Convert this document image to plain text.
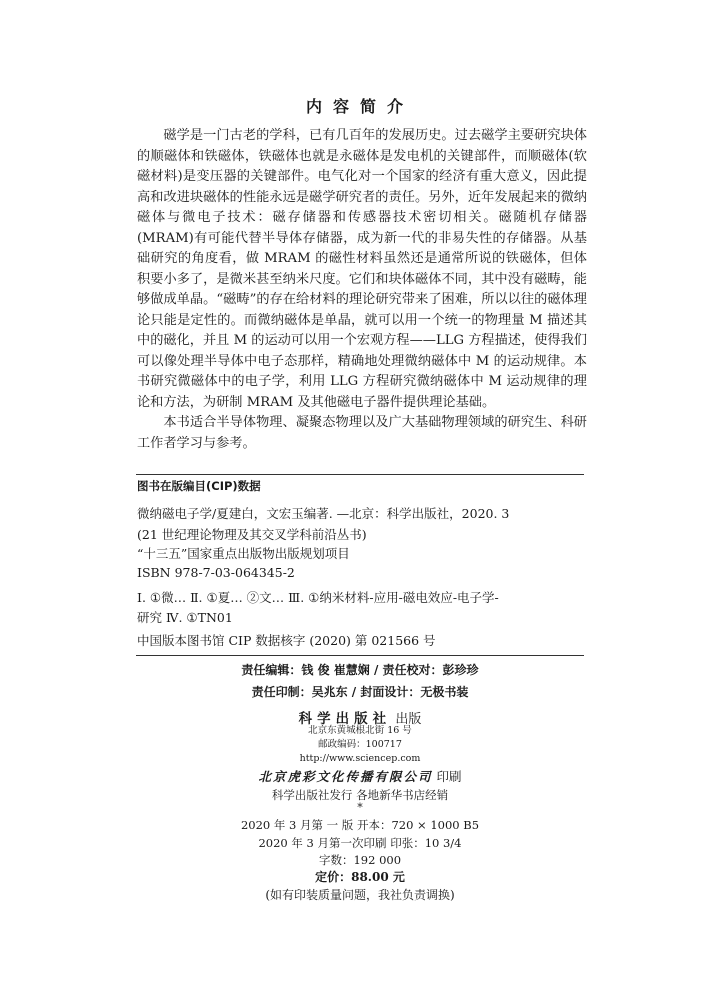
内容简介

磁学是一门古老的学科，已有几百年的发展历史。过去磁学主要研究块体的顺磁体和铁磁体，铁磁体也就是永磁体是发电机的关键部件，而顺磁体(软磁材料)是变压器的关键部件。电气化对一个国家的经济有重大意义，因此提高和改进块磁体的性能永远是磁学研究者的责任。另外，近年发展起来的微纳磁体与微电子技术：磁存储器和传感器技术密切相关。磁随机存储器(MRAM)有可能代替半导体存储器，成为新一代的非易失性的存储器。从基础研究的角度看，做 MRAM 的磁性材料虽然还是通常所说的铁磁体，但体积要小多了，是微米甚至纳米尺度。它们和块体磁体不同，其中没有磁畴，能够做成单晶。“磁畴”的存在给材料的理论研究带来了困难，所以以往的磁体理论只能是定性的。而微纳磁体是单晶，就可以用一个统一的物理量 M 描述其中的磁化，并且 M 的运动可以用一个宏观方程——LLG 方程描述，使得我们可以像处理半导体中电子态那样，精确地处理微纳磁体中 M 的运动规律。本书研究微磁体中的电子学，利用 LLG 方程研究微纳磁体中 M 运动规律的理论和方法，为研制 MRAM 及其他磁电子器件提供理论基础。

本书适合半导体物理、凝聚态物理以及广大基础物理领域的研究生、科研工作者学习与参考。

图书在版编目(CIP)数据
微纳磁电子学/夏建白，文宏玉编著. —北京：科学出版社，2020. 3
(21 世纪理论物理及其交叉学科前沿丛书)
“十三五”国家重点出版物出版规划项目
ISBN 978-7-03-064345-2
Ⅰ. ①微… Ⅱ. ①夏… ②文… Ⅲ. ①纳米材料-应用-磁电效应-电子学-
研究 Ⅳ. ①TN01
中国版本图书馆 CIP 数据核字 (2020) 第 021566 号
责任编辑：钱 俊 崔慧娴 / 责任校对：彭珍珍
责任印制：吴兆东 / 封面设计：无极书装
科学出版社 出版
北京东黄城根北街 16 号
邮政编码：100717
http://www.sciencep.com
北京虎彩文化传播有限公司 印刷
科学出版社发行 各地新华书店经销
*
2020 年 3 月第 一 版 开本：720 × 1000 B5
2020 年 3 月第一次印刷 印张：10 3/4
字数：192 000
定价：88.00 元
(如有印装质量问题，我社负责调换)
